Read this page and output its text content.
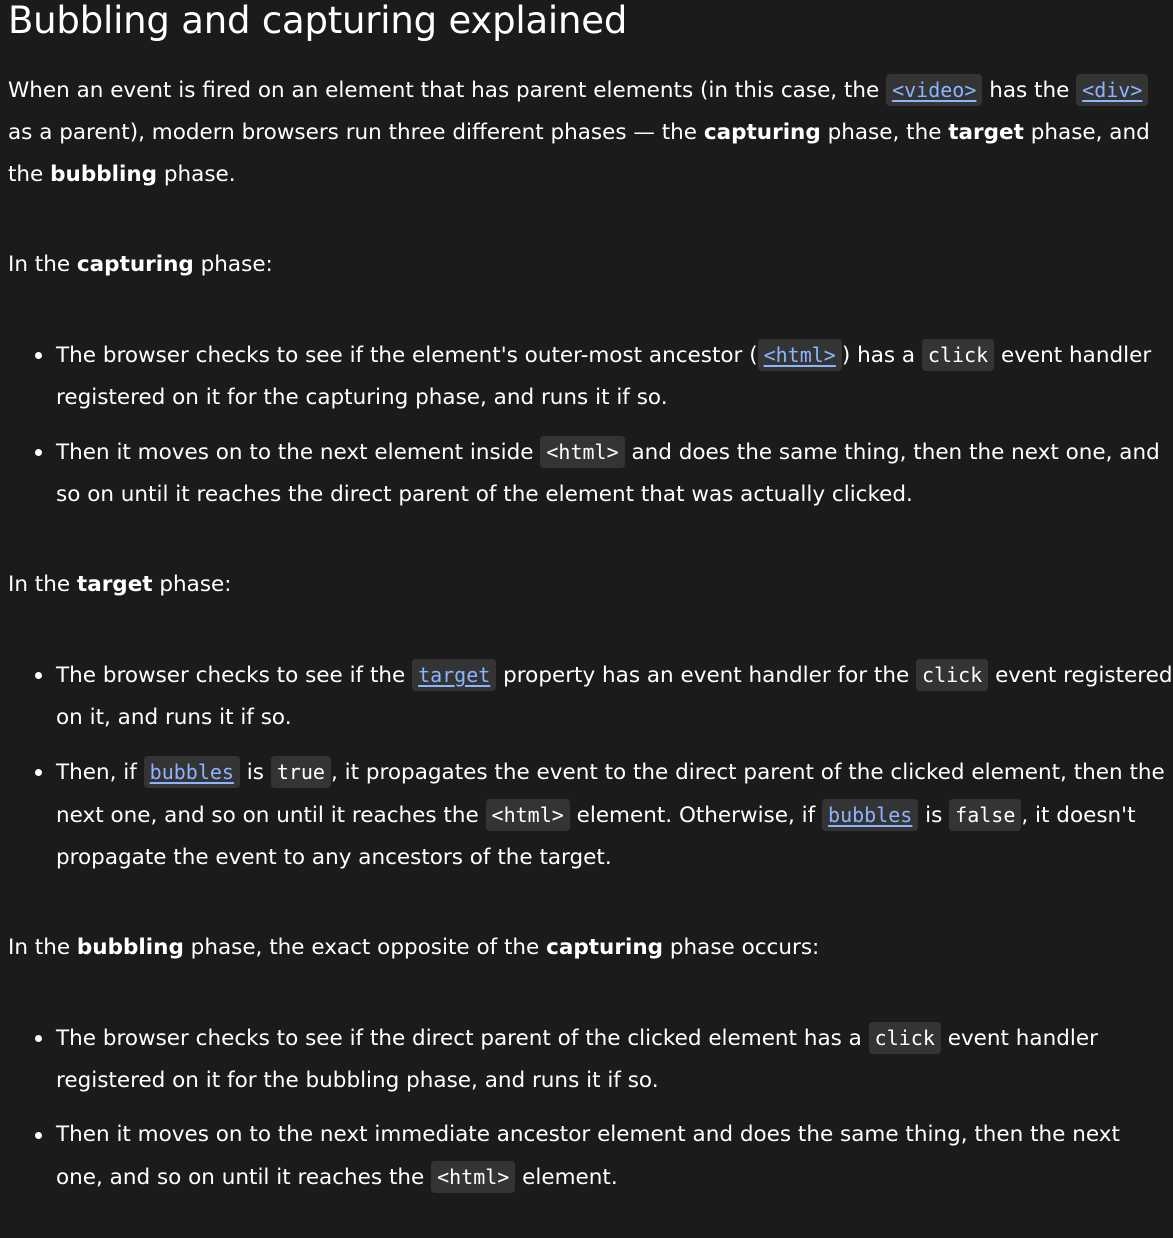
Bubbling and capturing explained

When an event is fired on an element that has parent elements (in this case, the <video> has the <div> as a parent), modern browsers run three different phases — the capturing phase, the target phase, and the bubbling phase.

In the capturing phase:

The browser checks to see if the element's outer-most ancestor ( <html> ) has a click event handler registered on it for the capturing phase, and runs it if so.
Then it moves on to the next element inside <html> and does the same thing, then the next one, and so on until it reaches the direct parent of the element that was actually clicked.

In the target phase:

The browser checks to see if the target property has an event handler for the click event registered on it, and runs it if so.
Then, if bubbles is true , it propagates the event to the direct parent of the clicked element, then the next one, and so on until it reaches the <html> element. Otherwise, if bubbles is false , it doesn't propagate the event to any ancestors of the target.

In the bubbling phase, the exact opposite of the capturing phase occurs:

The browser checks to see if the direct parent of the clicked element has a click event handler registered on it for the bubbling phase, and runs it if so.
Then it moves on to the next immediate ancestor element and does the same thing, then the next one, and so on until it reaches the <html> element.
